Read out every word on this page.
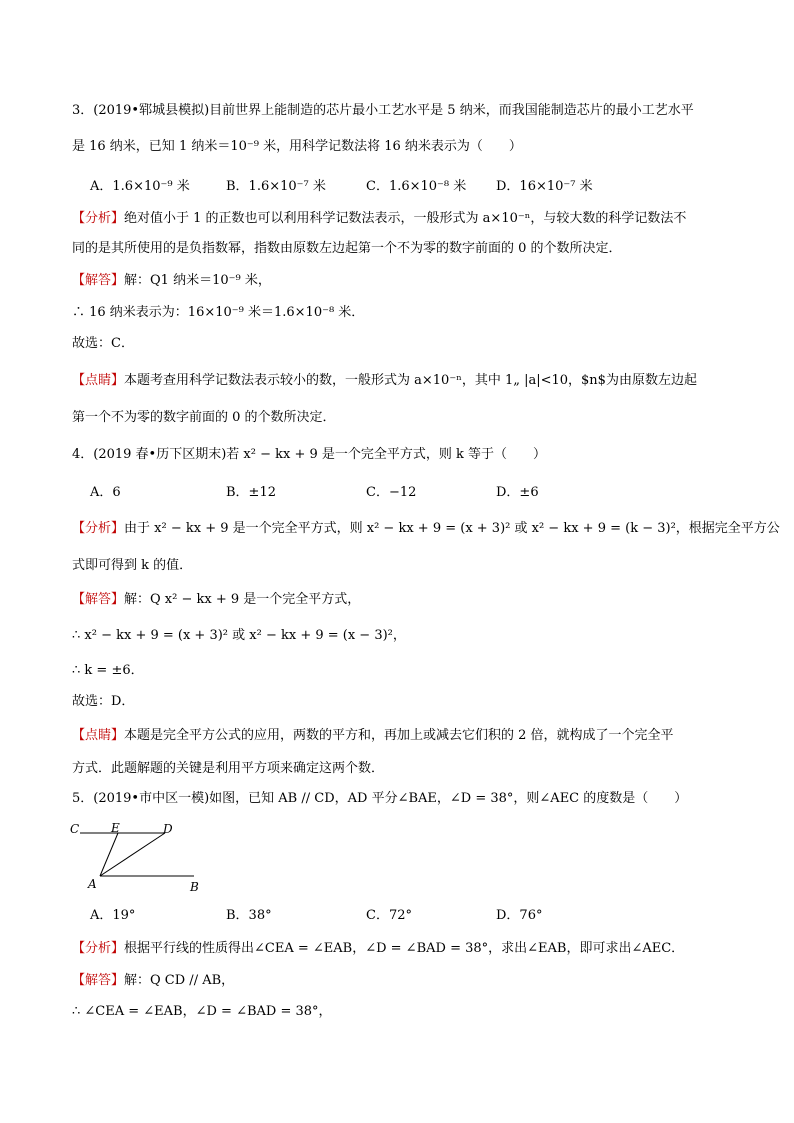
3．(2019•郓城县模拟)目前世界上能制造的芯片最小工艺水平是 5 纳米，而我国能制造芯片的最小工艺水平
是 16 纳米，已知 1 纳米＝10⁻⁹ 米，用科学记数法将 16 纳米表示为（　　）
A．1.6×10⁻⁹ 米	B．1.6×10⁻⁷ 米	C．1.6×10⁻⁸ 米 D．16×10⁻⁷ 米
【分析】绝对值小于 1 的正数也可以利用科学记数法表示，一般形式为 a×10⁻ⁿ，与较大数的科学记数法不
同的是其所使用的是负指数幂，指数由原数左边起第一个不为零的数字前面的 0 的个数所决定．
【解答】解：Q1 纳米＝10⁻⁹ 米，
∴ 16 纳米表示为：16×10⁻⁹ 米＝1.6×10⁻⁸ 米．
故选：C．
【点睛】本题考查用科学记数法表示较小的数，一般形式为 a×10⁻ⁿ，其中 1„ |a|<10，$n$为由原数左边起
第一个不为零的数字前面的 0 的个数所决定．
4．(2019 春•历下区期末)若 x² − kx + 9 是一个完全平方式，则 k 等于（　　）
A．6	B．±12	C．−12	D．±6
【分析】由于 x² − kx + 9 是一个完全平方式，则 x² − kx + 9 = (x + 3)² 或 x² − kx + 9 = (k − 3)²，根据完全平方公
式即可得到 k 的值．
【解答】解：Q x² − kx + 9 是一个完全平方式，
∴ x² − kx + 9 = (x + 3)² 或 x² − kx + 9 = (x − 3)²，
∴ k = ±6．
故选：D．
【点睛】本题是完全平方公式的应用，两数的平方和，再加上或减去它们积的 2 倍，就构成了一个完全平
方式．此题解题的关键是利用平方项来确定这两个数．
5．(2019•市中区一模)如图，已知 AB // CD，AD 平分∠BAE，∠D = 38°，则∠AEC 的度数是（　　）
C	E	D
A	B
A．19°	B．38°	C．72°	D．76°
【分析】根据平行线的性质得出∠CEA = ∠EAB，∠D = ∠BAD = 38°，求出∠EAB，即可求出∠AEC．
【解答】解：Q CD // AB，
∴ ∠CEA = ∠EAB，∠D = ∠BAD = 38°，
